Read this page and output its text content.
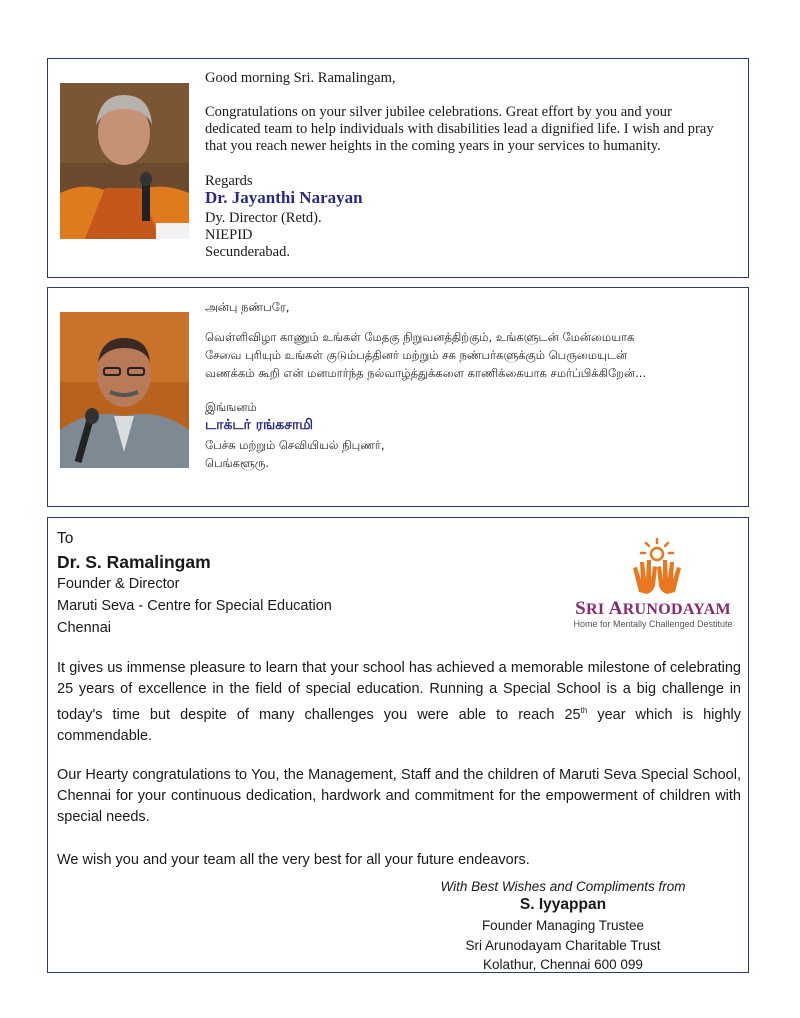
Good morning Sri. Ramalingam,
Congratulations on your silver jubilee celebrations. Great effort by you and your
dedicated team to help individuals with disabilities lead a dignified life. I wish and pray
that you reach newer heights in the coming years in your services to humanity.
Regards
Dr. Jayanthi Narayan
Dy. Director (Retd).
NIEPID
Secunderabad.
அன்பு நண்பரே,
வெள்ளிவிழா காணும் உங்கள் மேதகு நிறுவனத்திற்கும், உங்களுடன் மேன்மையாக
சேவை புரியும் உங்கள் குடும்பத்தினர் மற்றும் சக நண்பர்களுக்கும் பெருமையுடன்
வணக்கம் கூறி என் மனமார்ந்த நல்வாழ்த்துக்களை காணிக்கையாக சமர்ப்பிக்கிறேன்...
இங்ஙனம்
டாக்டர் ரங்கசாமி
பேச்சு மற்றும் செவியியல் நிபுணர்,
பெங்களூரு.
To
Dr. S. Ramalingam
Founder & Director
Maruti Seva - Centre for Special Education
Chennai
SRI ARUNODAYAM
Home for Mentally Challenged Destitute
It gives us immense pleasure to learn that your school has achieved a memorable milestone of celebrating 25 years of excellence in the field of special education. Running a Special School is a big challenge in today's time but despite of many challenges you were able to reach 25th year which is highly commendable.
Our Hearty congratulations to You, the Management, Staff and the children of Maruti Seva Special School, Chennai for your continuous dedication, hardwork and commitment for the empowerment of children with special needs.
We wish you and your team all the very best for all your future endeavors.
With Best Wishes and Compliments from
S. Iyyappan
Founder Managing Trustee
Sri Arunodayam Charitable Trust
Kolathur, Chennai 600 099
